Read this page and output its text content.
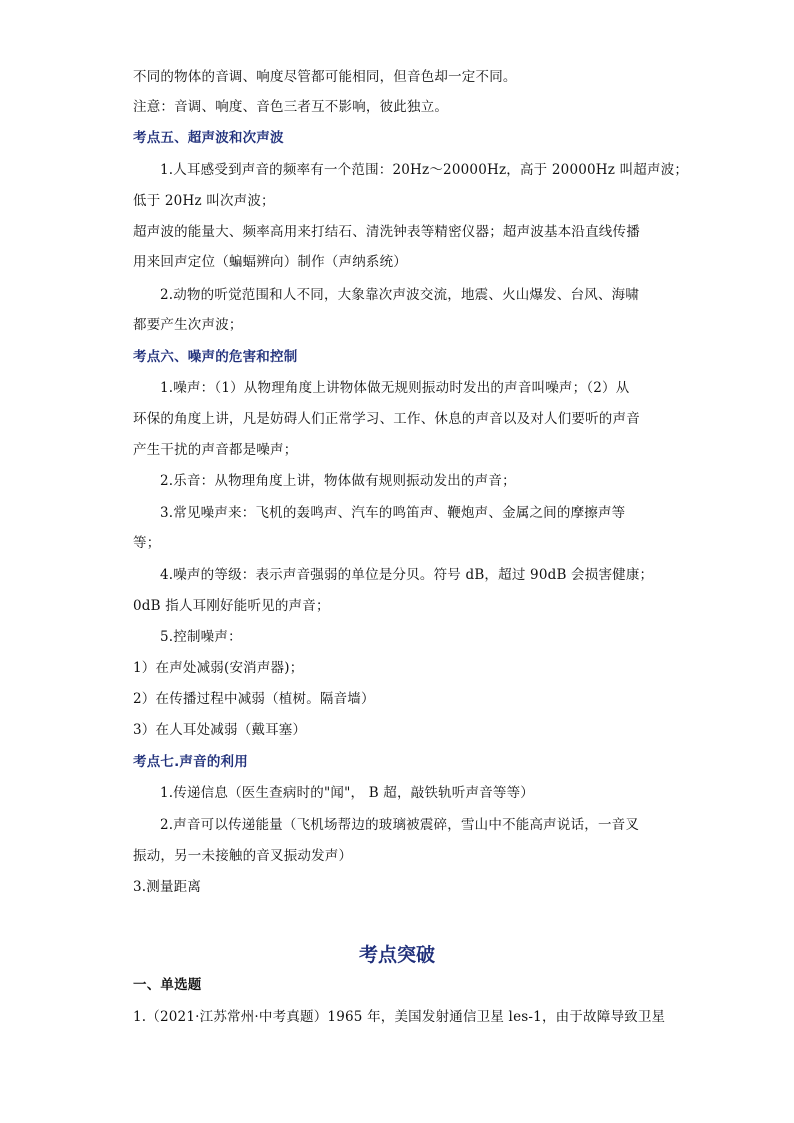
不同的物体的音调、响度尽管都可能相同，但音色却一定不同。
注意：音调、响度、音色三者互不影响，彼此独立。
考点五、超声波和次声波
1.人耳感受到声音的频率有一个范围：20Hz～20000Hz，高于 20000Hz 叫超声波；
低于 20Hz 叫次声波；
超声波的能量大、频率高用来打结石、清洗钟表等精密仪器；超声波基本沿直线传播
用来回声定位（蝙蝠辨向）制作（声纳系统）
2.动物的听觉范围和人不同，大象靠次声波交流，地震、火山爆发、台风、海啸
都要产生次声波；
考点六、噪声的危害和控制
1.噪声：（1）从物理角度上讲物体做无规则振动时发出的声音叫噪声；（2）从
环保的角度上讲，凡是妨碍人们正常学习、工作、休息的声音以及对人们要听的声音
产生干扰的声音都是噪声；
2.乐音：从物理角度上讲，物体做有规则振动发出的声音；
3.常见噪声来：飞机的轰鸣声、汽车的鸣笛声、鞭炮声、金属之间的摩擦声等
等；
4.噪声的等级：表示声音强弱的单位是分贝。符号 dB，超过 90dB 会损害健康；
0dB 指人耳刚好能听见的声音；
5.控制噪声：
1）在声处减弱(安消声器)；
2）在传播过程中减弱（植树。隔音墙）
3）在人耳处减弱（戴耳塞）
考点七.声音的利用
1.传递信息（医生查病时的"闻"， B 超，敲铁轨听声音等等）
2.声音可以传递能量（飞机场帮边的玻璃被震碎，雪山中不能高声说话，一音叉
振动，另一未接触的音叉振动发声）
3.测量距离
考点突破
一、单选题
1.（2021·江苏常州·中考真题）1965 年，美国发射通信卫星 les-1，由于故障导致卫星
